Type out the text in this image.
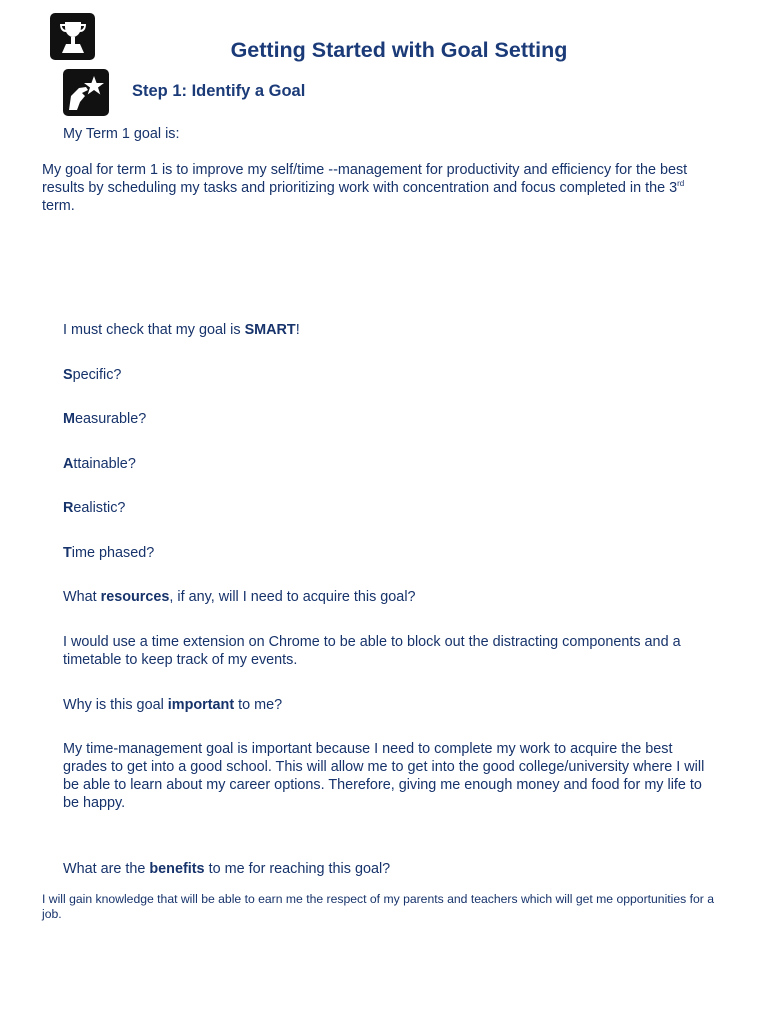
Getting Started with Goal Setting
Step 1: Identify a Goal
My Term 1 goal is:
My goal for term 1 is to improve my self/time --management for productivity and efficiency for the best results by scheduling my tasks and prioritizing work with concentration and focus completed in the 3rd term.
I must check that my goal is SMART!
Specific?
Measurable?
Attainable?
Realistic?
Time phased?
What resources, if any, will I need to acquire this goal?
I would use a time extension on Chrome to be able to block out the distracting components and a timetable to keep track of my events.
Why is this goal important to me?
My time-management goal is important because I need to complete my work to acquire the best grades to get into a good school. This will allow me to get into the good college/university where I will be able to learn about my career options. Therefore, giving me enough money and food for my life to be happy.
What are the benefits to me for reaching this goal?
I will gain knowledge that will be able to earn me the respect of my parents and teachers which will get me opportunities for a job.
